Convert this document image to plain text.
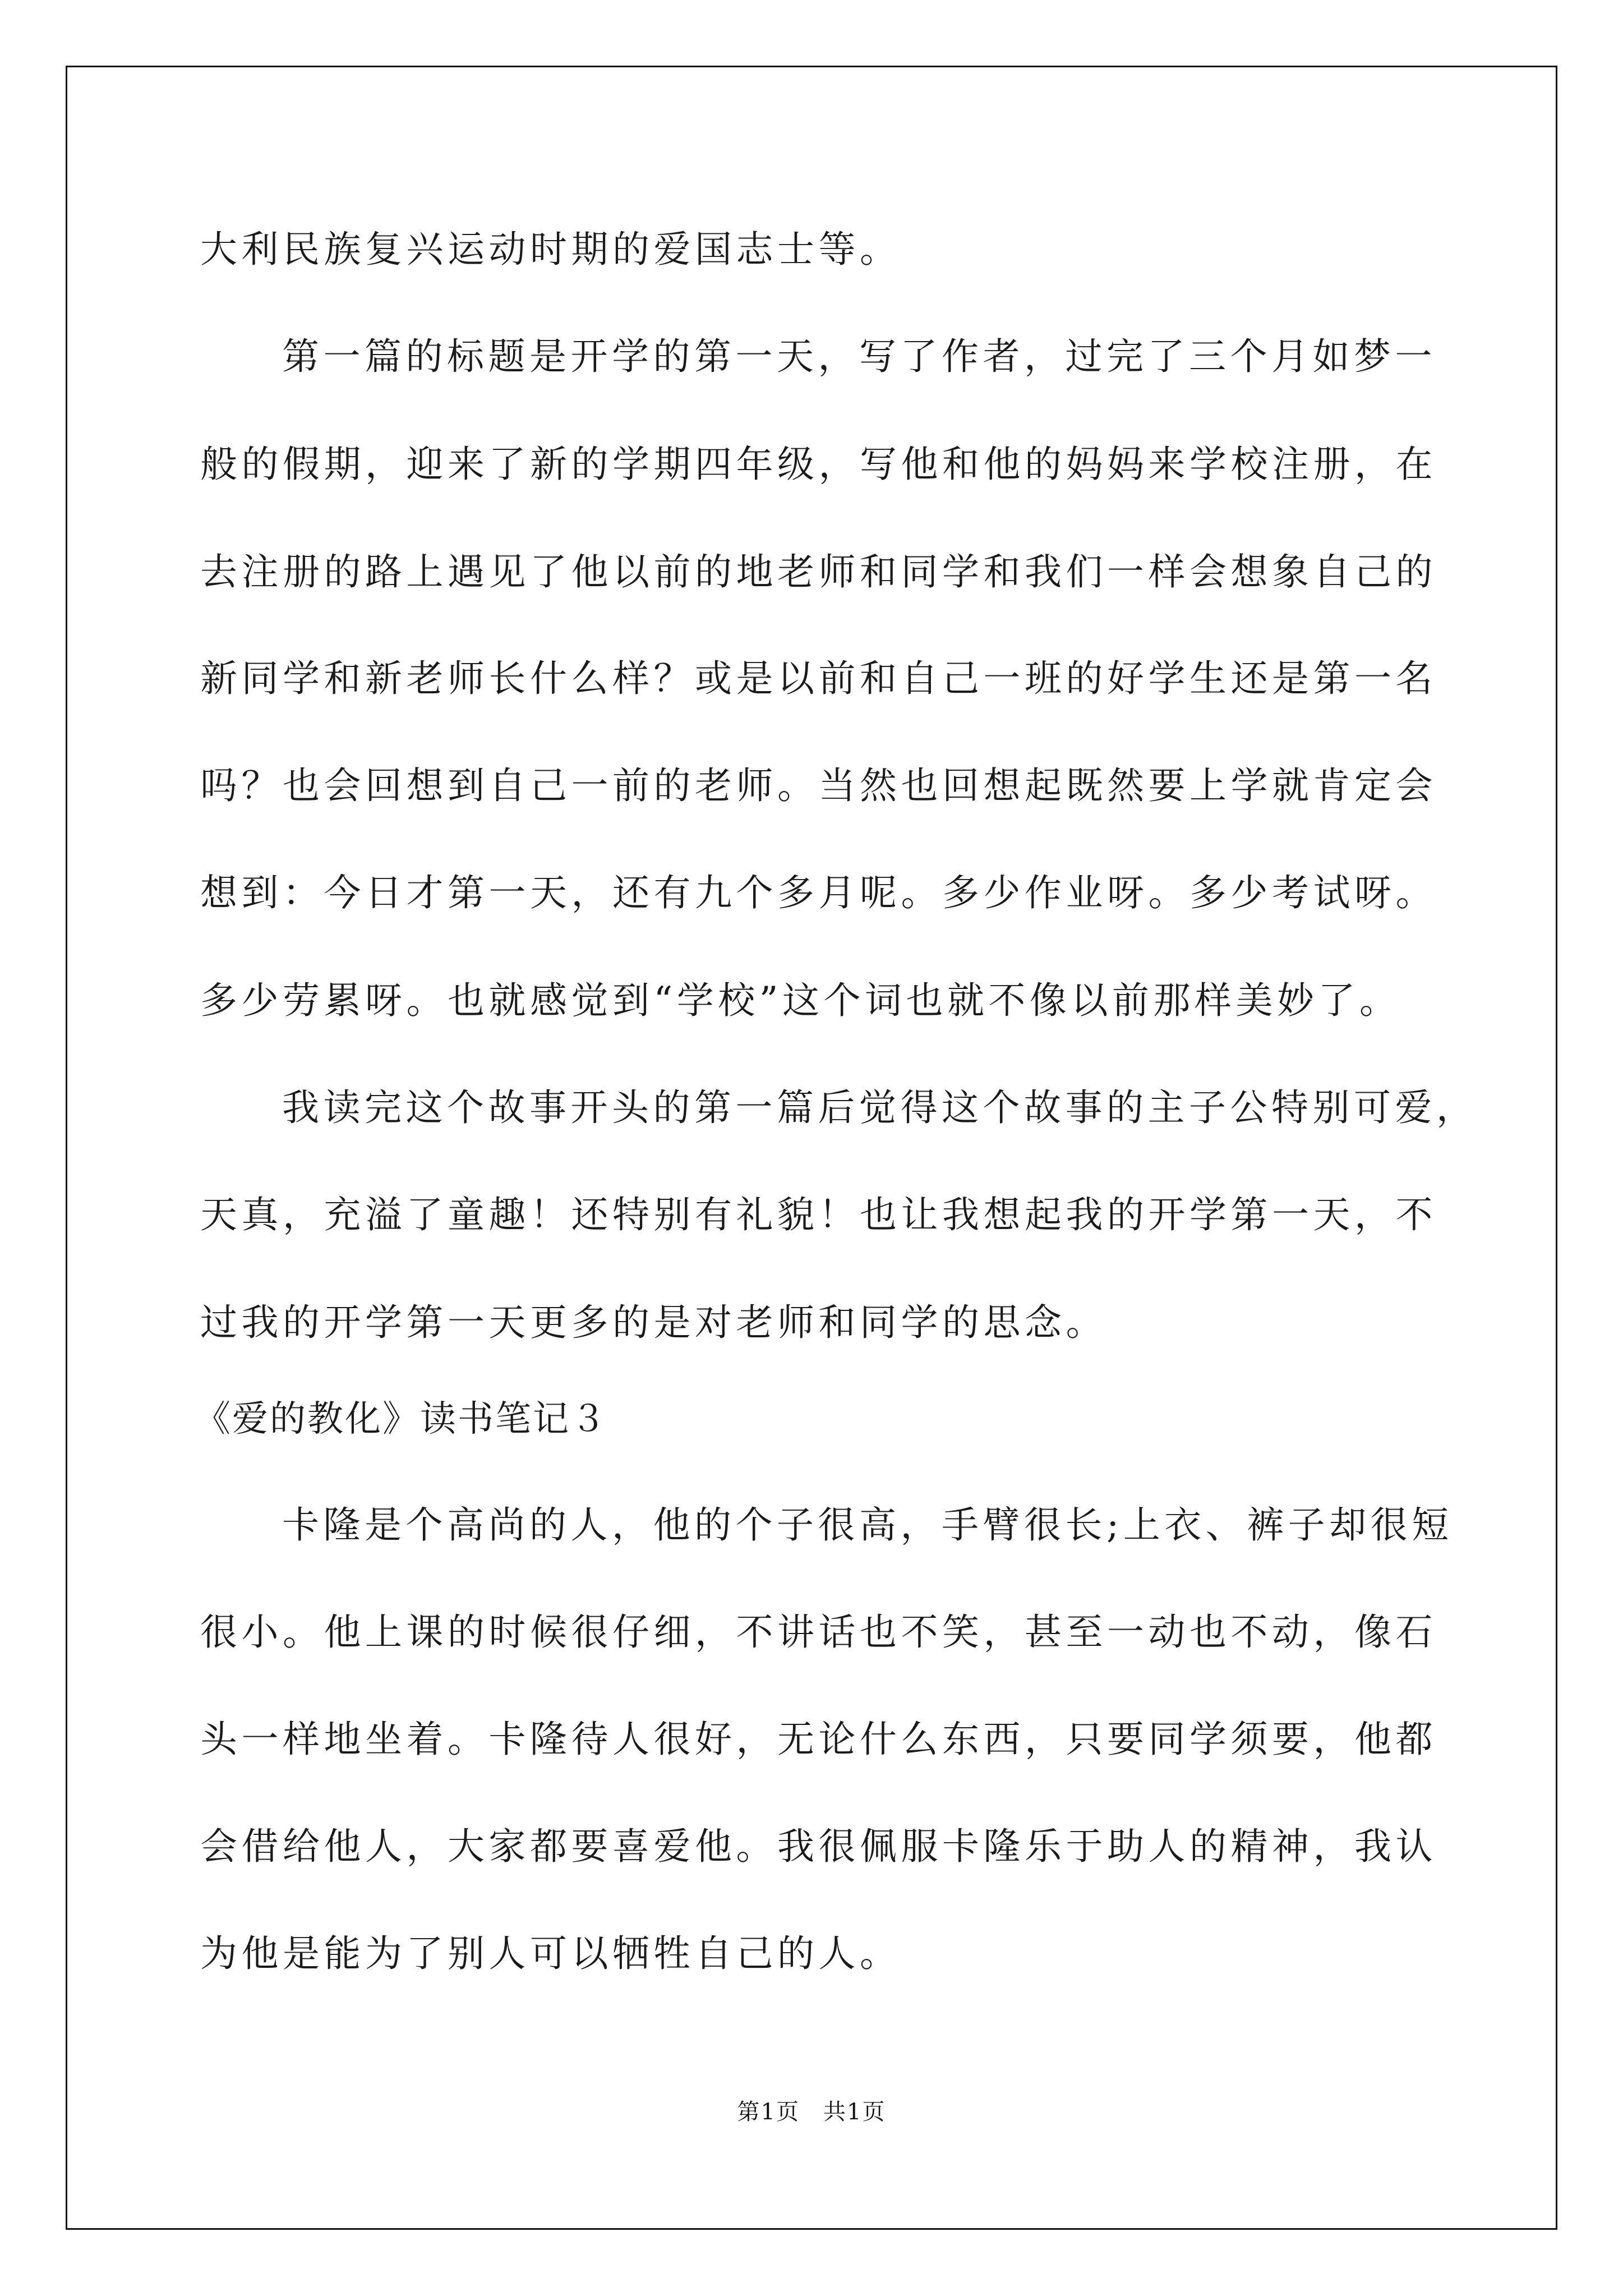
大利民族复兴运动时期的爱国志士等。
第一篇的标题是开学的第一天，写了作者，过完了三个月如梦一
般的假期，迎来了新的学期四年级，写他和他的妈妈来学校注册，在
去注册的路上遇见了他以前的地老师和同学和我们一样会想象自己的
新同学和新老师长什么样？或是以前和自己一班的好学生还是第一名
吗？也会回想到自己一前的老师。当然也回想起既然要上学就肯定会
想到：今日才第一天，还有九个多月呢。多少作业呀。多少考试呀。
多少劳累呀。也就感觉到“学校”这个词也就不像以前那样美妙了。
我读完这个故事开头的第一篇后觉得这个故事的主子公特别可爱，
天真，充溢了童趣！还特别有礼貌！也让我想起我的开学第一天，不
过我的开学第一天更多的是对老师和同学的思念。
《爱的教化》读书笔记３
卡隆是个高尚的人，他的个子很高，手臂很长;上衣、裤子却很短
很小。他上课的时候很仔细，不讲话也不笑，甚至一动也不动，像石
头一样地坐着。卡隆待人很好，无论什么东西，只要同学须要，他都
会借给他人，大家都要喜爱他。我很佩服卡隆乐于助人的精神，我认
为他是能为了别人可以牺牲自己的人。
第1页 共1页
